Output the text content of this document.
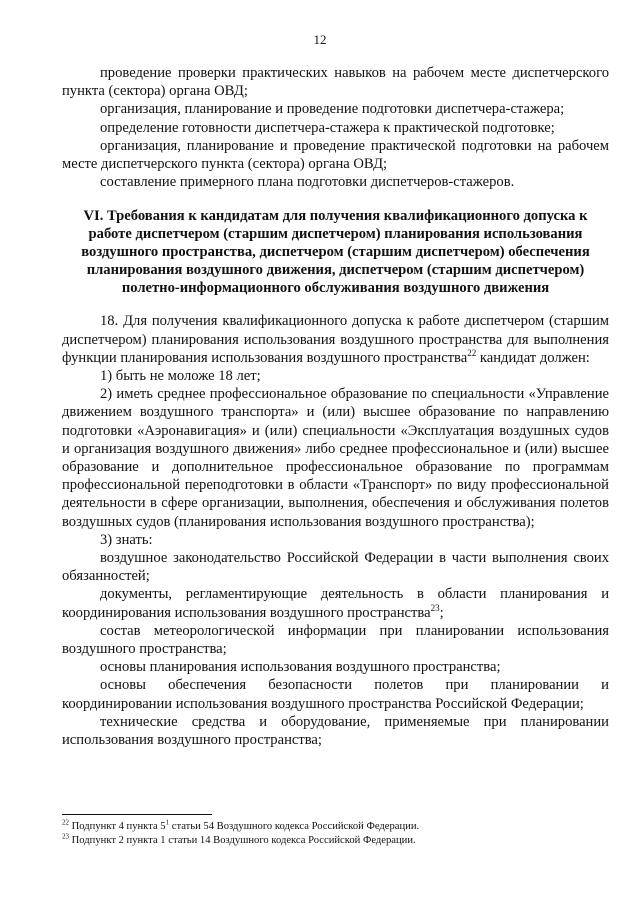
12

проведение проверки практических навыков на рабочем месте диспетчерского пункта (сектора) органа ОВД;

организация, планирование и проведение подготовки диспетчера-стажера;

определение готовности диспетчера-стажера к практической подготовке;

организация, планирование и проведение практической подготовки на рабочем месте диспетчерского пункта (сектора) органа ОВД;

составление примерного плана подготовки диспетчеров-стажеров.

VI. Требования к кандидатам для получения квалификационного допуска к работе диспетчером (старшим диспетчером) планирования использования воздушного пространства, диспетчером (старшим диспетчером) обеспечения планирования воздушного движения, диспетчером (старшим диспетчером) полетно-информационного обслуживания воздушного движения

18. Для получения квалификационного допуска к работе диспетчером (старшим диспетчером) планирования использования воздушного пространства для выполнения функции планирования использования воздушного пространства$^{22}$ кандидат должен:

1) быть не моложе 18 лет;

2) иметь среднее профессиональное образование по специальности «Управление движением воздушного транспорта» и (или) высшее образование по направлению подготовки «Аэронавигация» и (или) специальности «Эксплуатация воздушных судов и организация воздушного движения» либо среднее профессиональное и (или) высшее образование и дополнительное профессиональное образование по программам профессиональной переподготовки в области «Транспорт» по виду профессиональной деятельности в сфере организации, выполнения, обеспечения и обслуживания полетов воздушных судов (планирования использования воздушного пространства);

3) знать:

воздушное законодательство Российской Федерации в части выполнения своих обязанностей;

документы, регламентирующие деятельность в области планирования и координирования использования воздушного пространства$^{23}$;

состав метеорологической информации при планировании использования воздушного пространства;

основы планирования использования воздушного пространства;

основы обеспечения безопасности полетов при планировании и координировании использования воздушного пространства Российской Федерации;

технические средства и оборудование, применяемые при планировании использования воздушного пространства;

$^{22}$ Подпункт 4 пункта $5^1$ статьи 54 Воздушного кодекса Российской Федерации.

$^{23}$ Подпункт 2 пункта 1 статьи 14 Воздушного кодекса Российской Федерации.
